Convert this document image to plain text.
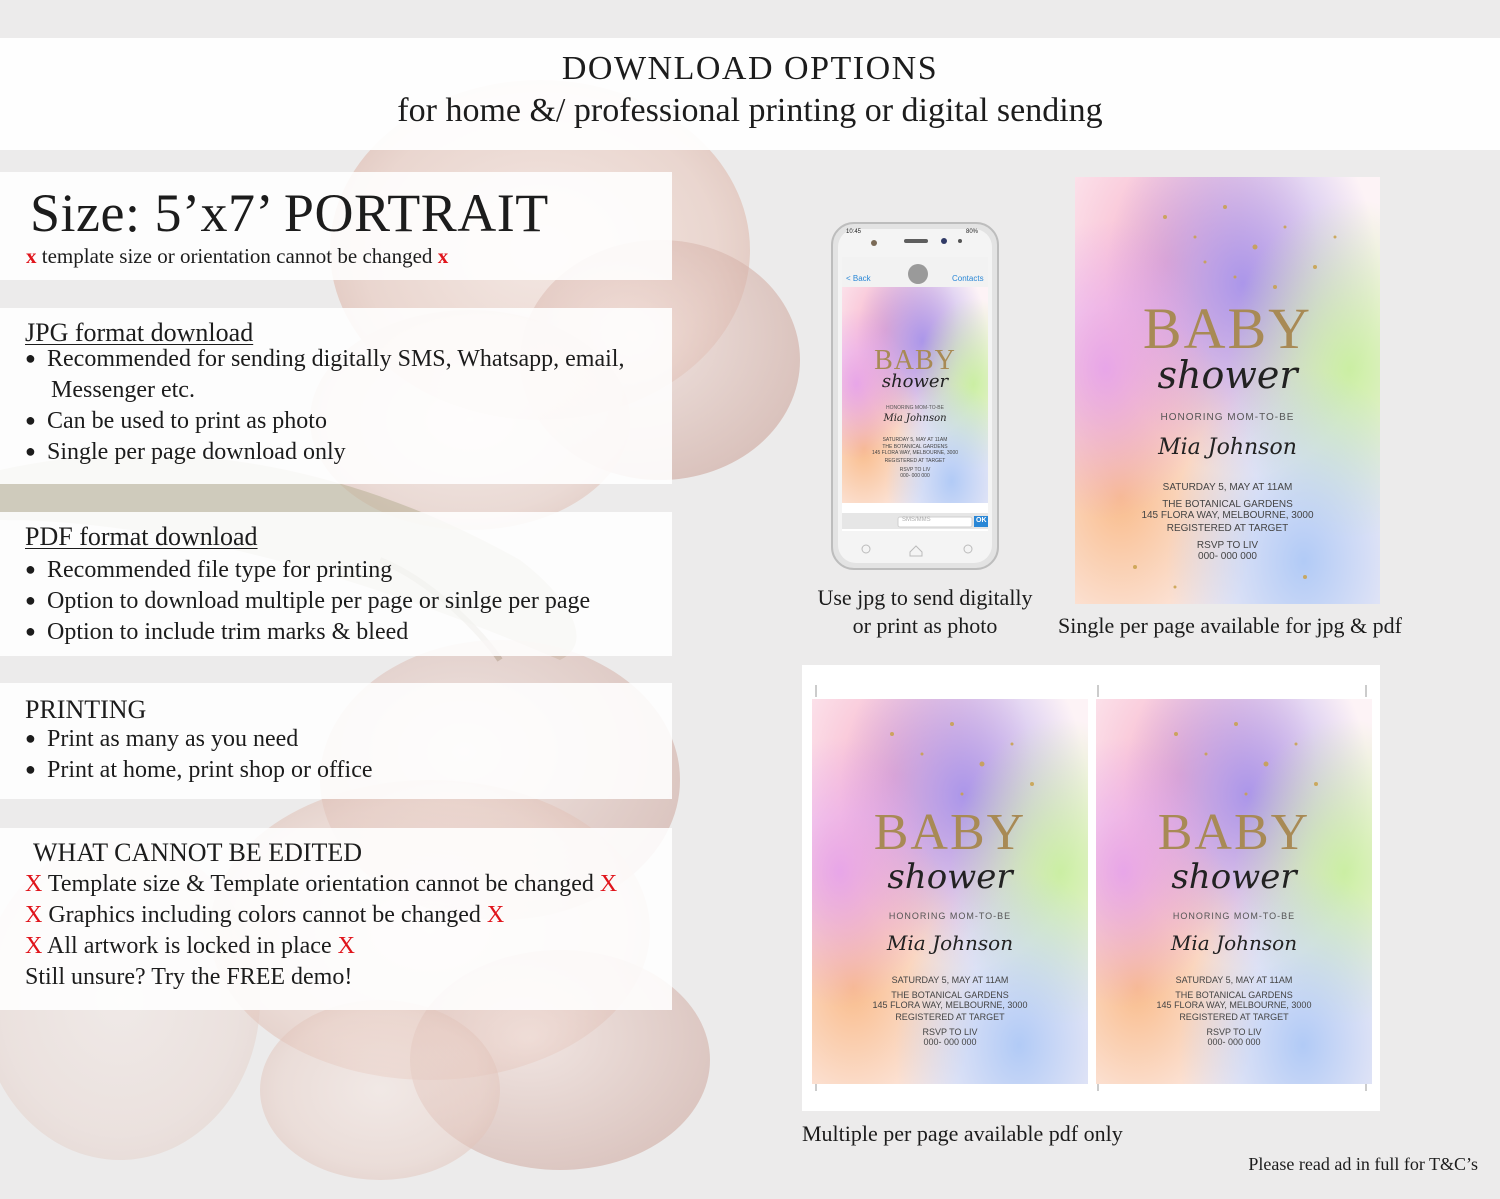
DOWNLOAD OPTIONS
for home &/ professional printing or digital sending
Size: 5’x7’ PORTRAIT
x template size or orientation cannot be changed x
JPG format download
● Recommended for sending digitally SMS, Whatsapp, email,
Messenger etc.
● Can be used to print as photo
● Single per page download only
PDF format download
● Recommended file type for printing
● Option to download multiple per page or sinlge per page
● Option to include trim marks & bleed
PRINTING
● Print as many as you need
● Print at home, print shop or office
WHAT CANNOT BE EDITED
X Template size & Template orientation cannot be changed X
X Graphics including colors cannot be changed X
X All artwork is locked in place X
Still unsure? Try the FREE demo!
10:45	80%
< Back	Contacts
SMS/MMS	OK
BABY
shower
HONORING MOM-TO-BE
Mia Johnson
SATURDAY 5, MAY AT 11AM
THE BOTANICAL GARDENS
145 FLORA WAY, MELBOURNE, 3000
REGISTERED AT TARGET
RSVP TO LIV
000- 000 000
Use jpg to send digitally
or print as photo
BABY
shower
HONORING MOM-TO-BE
Mia Johnson
SATURDAY 5, MAY AT 11AM
THE BOTANICAL GARDENS
145 FLORA WAY, MELBOURNE, 3000
REGISTERED AT TARGET
RSVP TO LIV
000- 000 000
Single per page available for jpg & pdf
BABY
shower
HONORING MOM-TO-BE
Mia Johnson
SATURDAY 5, MAY AT 11AM
THE BOTANICAL GARDENS
145 FLORA WAY, MELBOURNE, 3000
REGISTERED AT TARGET
RSVP TO LIV
000- 000 000
BABY
shower
HONORING MOM-TO-BE
Mia Johnson
SATURDAY 5, MAY AT 11AM
THE BOTANICAL GARDENS
145 FLORA WAY, MELBOURNE, 3000
REGISTERED AT TARGET
RSVP TO LIV
000- 000 000
Multiple per page available pdf only
Please read ad in full for T&C’s
